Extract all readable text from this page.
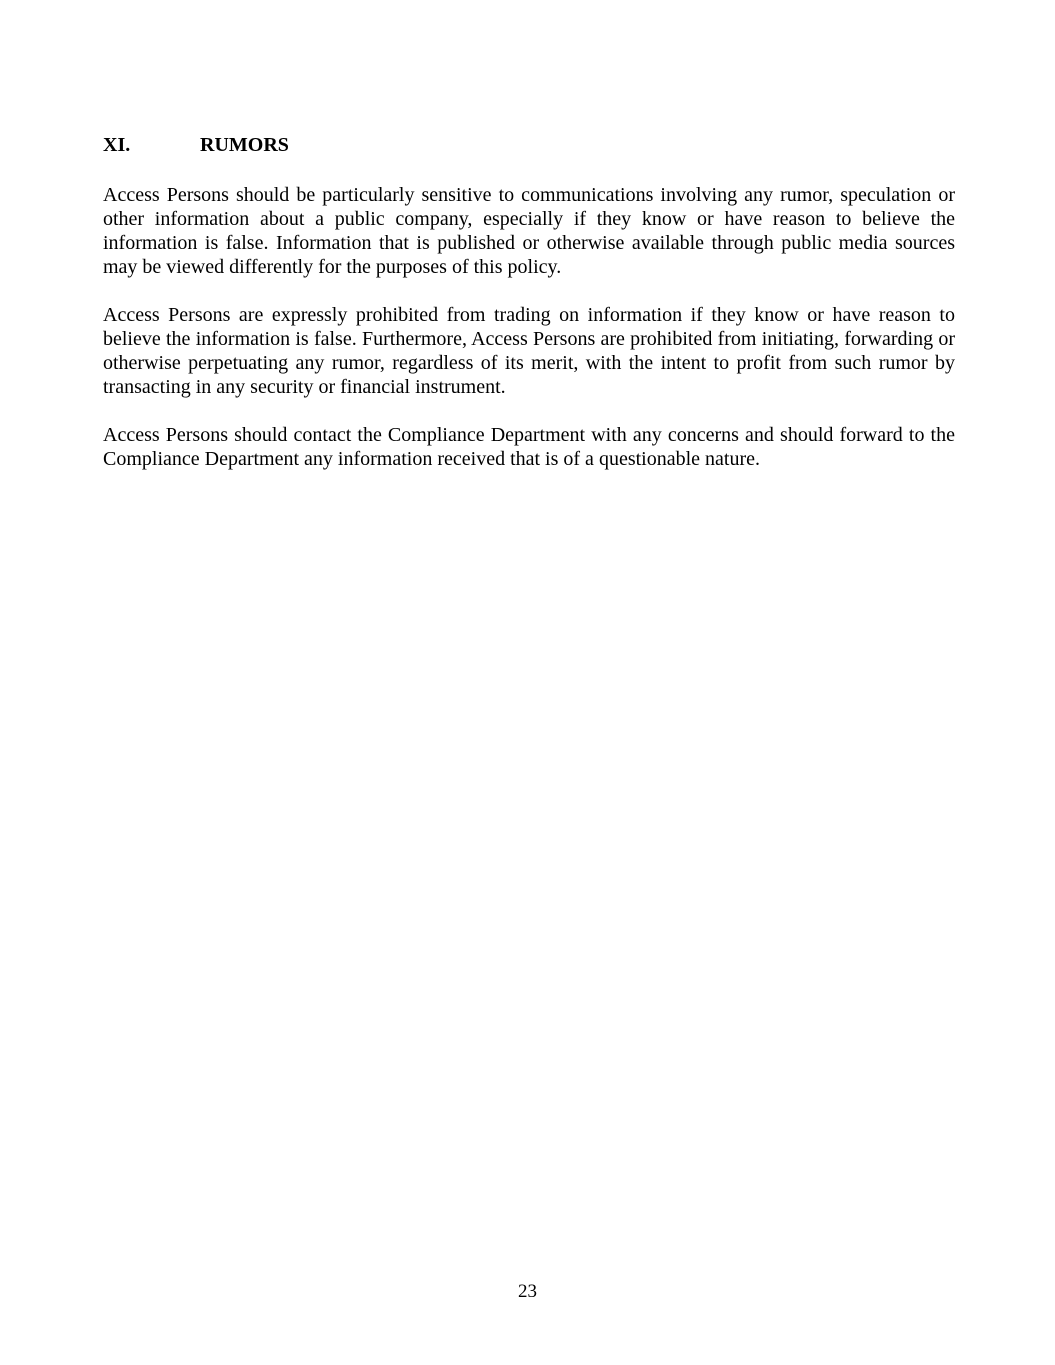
XI.	RUMORS

Access Persons should be particularly sensitive to communications involving any rumor, speculation or other information about a public company, especially if they know or have reason to believe the information is false. Information that is published or otherwise available through public media sources may be viewed differently for the purposes of this policy.

Access Persons are expressly prohibited from trading on information if they know or have reason to believe the information is false. Furthermore, Access Persons are prohibited from initiating, forwarding or otherwise perpetuating any rumor, regardless of its merit, with the intent to profit from such rumor by transacting in any security or financial instrument.

Access Persons should contact the Compliance Department with any concerns and should forward to the Compliance Department any information received that is of a questionable nature.

23
